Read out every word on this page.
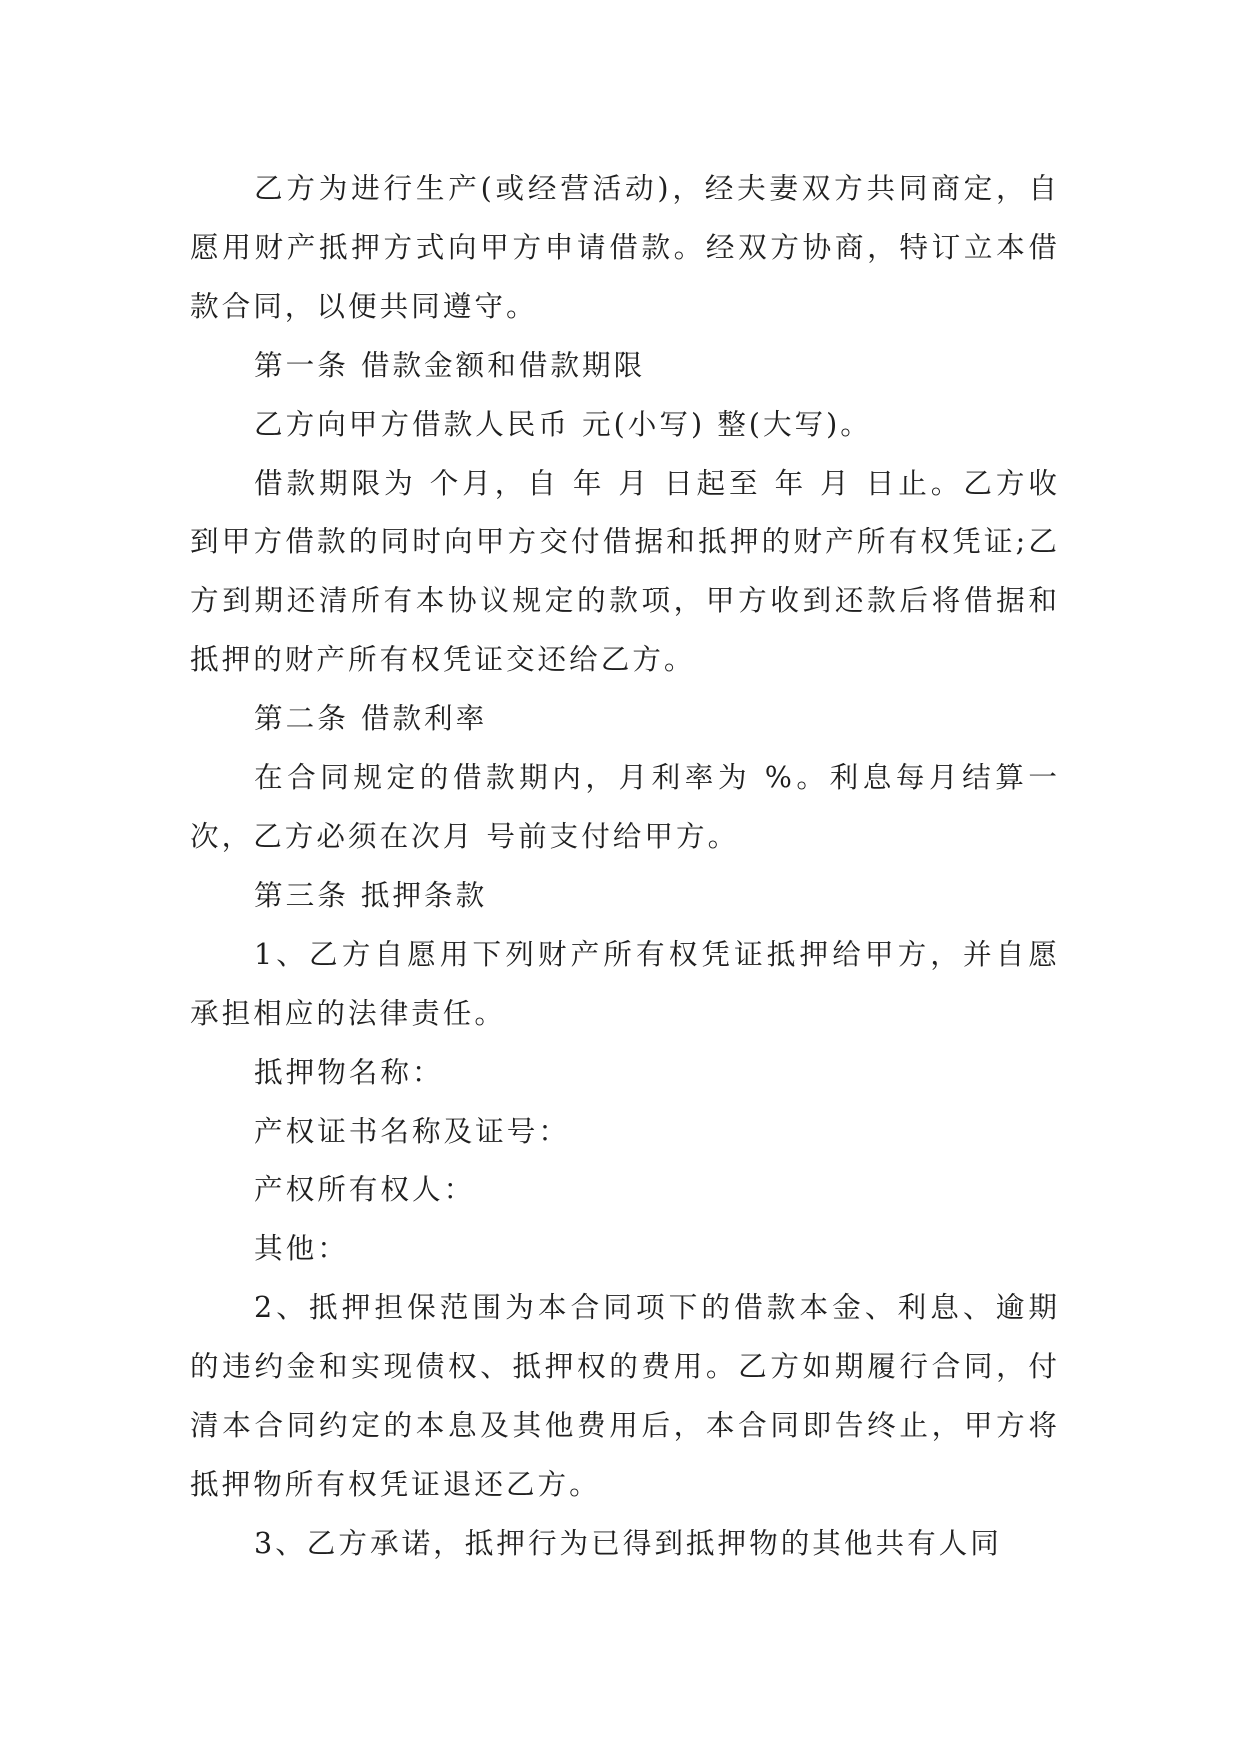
乙方为进行生产(或经营活动)，经夫妻双方共同商定，自愿用财产抵押方式向甲方申请借款。经双方协商，特订立本借款合同，以便共同遵守。

第一条 借款金额和借款期限

乙方向甲方借款人民币 元(小写) 整(大写)。

借款期限为 个月，自 年 月 日起至 年 月 日止。乙方收到甲方借款的同时向甲方交付借据和抵押的财产所有权凭证;乙方到期还清所有本协议规定的款项，甲方收到还款后将借据和抵押的财产所有权凭证交还给乙方。

第二条 借款利率

在合同规定的借款期内，月利率为 %。利息每月结算一次，乙方必须在次月 号前支付给甲方。

第三条 抵押条款

1、乙方自愿用下列财产所有权凭证抵押给甲方，并自愿承担相应的法律责任。

抵押物名称：

产权证书名称及证号：

产权所有权人：

其他：

2、抵押担保范围为本合同项下的借款本金、利息、逾期的违约金和实现债权、抵押权的费用。乙方如期履行合同，付清本合同约定的本息及其他费用后，本合同即告终止，甲方将抵押物所有权凭证退还乙方。

3、乙方承诺，抵押行为已得到抵押物的其他共有人同
